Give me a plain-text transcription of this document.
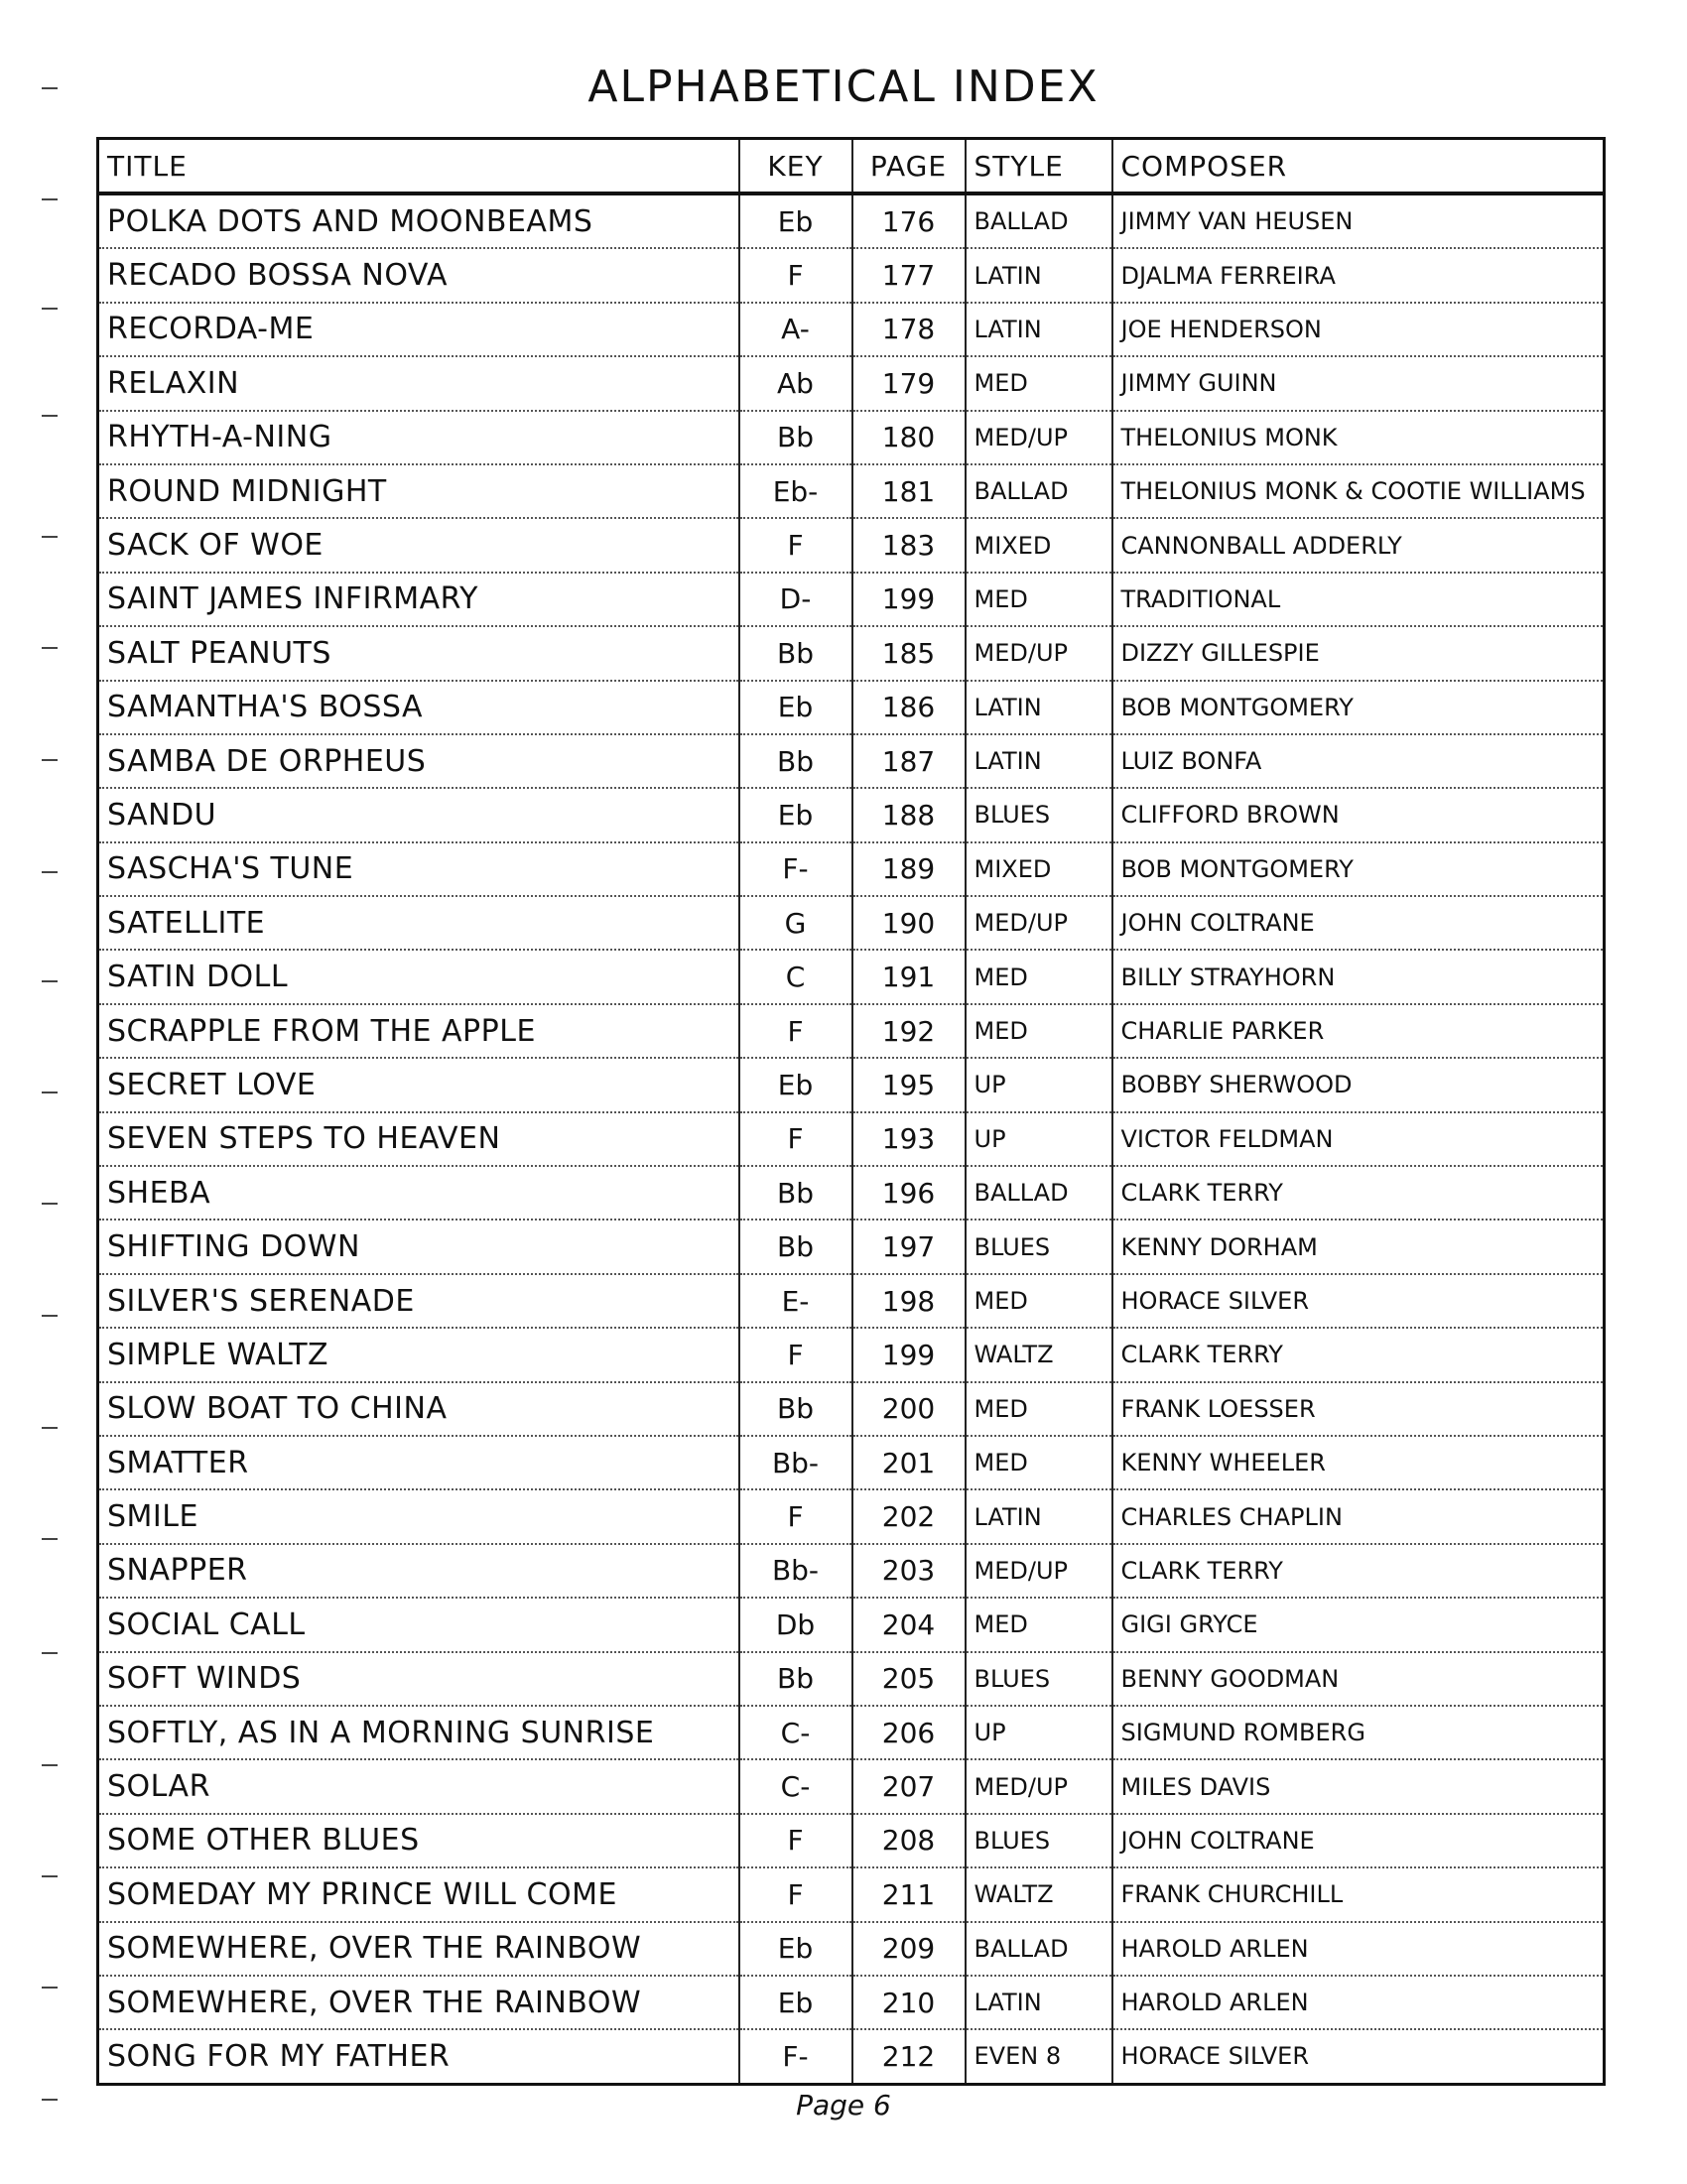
ALPHABETICAL INDEX
TITLE	KEY	PAGE	STYLE	COMPOSER
POLKA DOTS AND MOONBEAMS	Eb	176	BALLAD	JIMMY VAN HEUSEN
RECADO BOSSA NOVA	F	177	LATIN	DJALMA FERREIRA
RECORDA-ME	A-	178	LATIN	JOE HENDERSON
RELAXIN	Ab	179	MED	JIMMY GUINN
RHYTH-A-NING	Bb	180	MED/UP	THELONIUS MONK
ROUND MIDNIGHT	Eb-	181	BALLAD	THELONIUS MONK & COOTIE WILLIAMS
SACK OF WOE	F	183	MIXED	CANNONBALL ADDERLY
SAINT JAMES INFIRMARY	D-	199	MED	TRADITIONAL
SALT PEANUTS	Bb	185	MED/UP	DIZZY GILLESPIE
SAMANTHA'S BOSSA	Eb	186	LATIN	BOB MONTGOMERY
SAMBA DE ORPHEUS	Bb	187	LATIN	LUIZ BONFA
SANDU	Eb	188	BLUES	CLIFFORD BROWN
SASCHA'S TUNE	F-	189	MIXED	BOB MONTGOMERY
SATELLITE	G	190	MED/UP	JOHN COLTRANE
SATIN DOLL	C	191	MED	BILLY STRAYHORN
SCRAPPLE FROM THE APPLE	F	192	MED	CHARLIE PARKER
SECRET LOVE	Eb	195	UP	BOBBY SHERWOOD
SEVEN STEPS TO HEAVEN	F	193	UP	VICTOR FELDMAN
SHEBA	Bb	196	BALLAD	CLARK TERRY
SHIFTING DOWN	Bb	197	BLUES	KENNY DORHAM
SILVER'S SERENADE	E-	198	MED	HORACE SILVER
SIMPLE WALTZ	F	199	WALTZ	CLARK TERRY
SLOW BOAT TO CHINA	Bb	200	MED	FRANK LOESSER
SMATTER	Bb-	201	MED	KENNY WHEELER
SMILE	F	202	LATIN	CHARLES CHAPLIN
SNAPPER	Bb-	203	MED/UP	CLARK TERRY
SOCIAL CALL	Db	204	MED	GIGI GRYCE
SOFT WINDS	Bb	205	BLUES	BENNY GOODMAN
SOFTLY, AS IN A MORNING SUNRISE	C-	206	UP	SIGMUND ROMBERG
SOLAR	C-	207	MED/UP	MILES DAVIS
SOME OTHER BLUES	F	208	BLUES	JOHN COLTRANE
SOMEDAY MY PRINCE WILL COME	F	211	WALTZ	FRANK CHURCHILL
SOMEWHERE, OVER THE RAINBOW	Eb	209	BALLAD	HAROLD ARLEN
SOMEWHERE, OVER THE RAINBOW	Eb	210	LATIN	HAROLD ARLEN
SONG FOR MY FATHER	F-	212	EVEN 8	HORACE SILVER
Page 6
